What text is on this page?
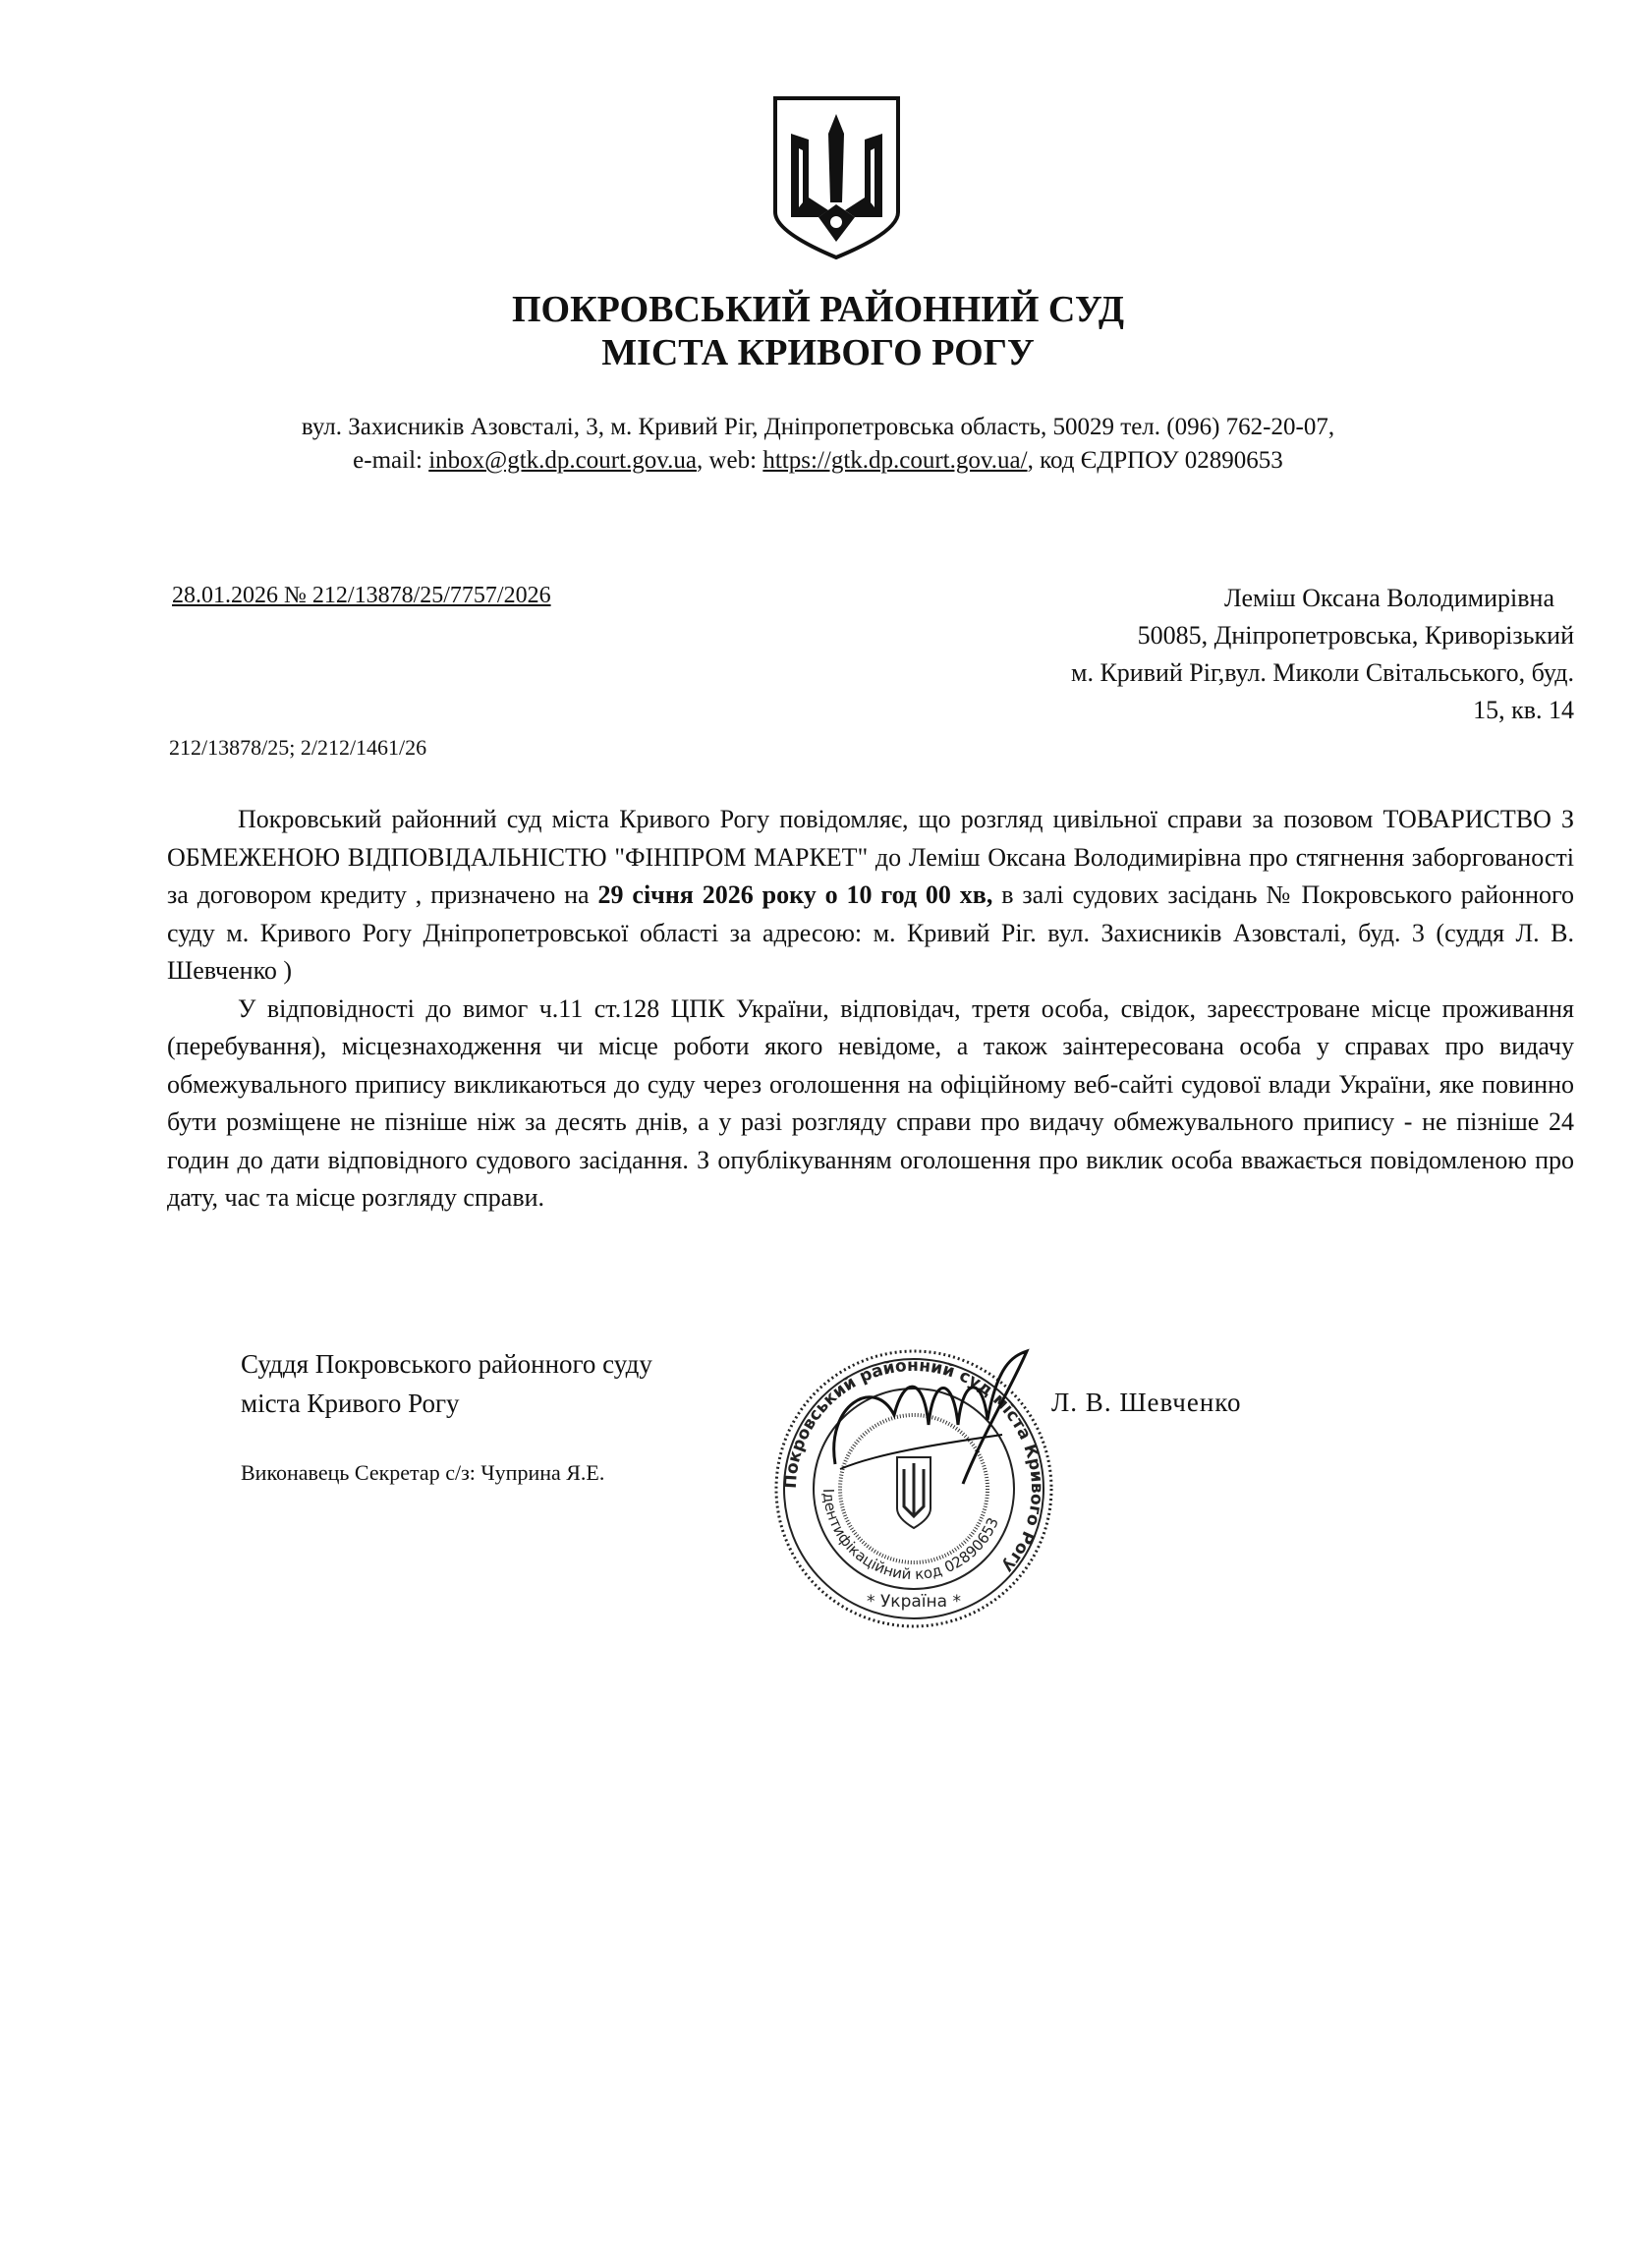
ПОКРОВСЬКИЙ РАЙОННИЙ СУД
МІСТА КРИВОГО РОГУ
вул. Захисників Азовсталі, 3, м. Кривий Ріг, Дніпропетровська область, 50029 тел. (096) 762-20-07,
e-mail: inbox@gtk.dp.court.gov.ua, web: https://gtk.dp.court.gov.ua/, код ЄДРПОУ 02890653
28.01.2026 № 212/13878/25/7757/2026
212/13878/25; 2/212/1461/26
Леміш Оксана Володимирівна
50085, Дніпропетровська, Криворізький
м. Кривий Ріг,вул. Миколи Світальського, буд.
15, кв. 14

Покровський районний суд міста Кривого Рогу повідомляє, що розгляд цивільної справи за позовом ТОВАРИСТВО З ОБМЕЖЕНОЮ ВІДПОВІДАЛЬНІСТЮ "ФІНПРОМ МАРКЕТ" до Леміш Оксана Володимирівна про стягнення заборгованості за договором кредиту , призначено на 29 січня 2026 року о 10 год 00 хв, в залі судових засідань № Покровського районного суду м. Кривого Рогу Дніпропетровської області за адресою: м. Кривий Ріг. вул. Захисників Азовсталі, буд. 3 (суддя Л. В. Шевченко )

У відповідності до вимог ч.11 ст.128 ЦПК України, відповідач, третя особа, свідок, зареєстроване місце проживання (перебування), місцезнаходження чи місце роботи якого невідоме, а також заінтересована особа у справах про видачу обмежувального припису викликаються до суду через оголошення на офіційному веб-сайті судової влади України, яке повинно бути розміщене не пізніше ніж за десять днів, а у разі розгляду справи про видачу обмежувального припису - не пізніше 24 годин до дати відповідного судового засідання. З опублікуванням оголошення про виклик особа вважається повідомленою про дату, час та місце розгляду справи.

Суддя Покровського районного суду
міста Кривого Рогу
Виконавець Секретар с/з: Чуприна Я.Е.
Л. В. Шевченко
Покровський районний суд міста Кривого Рогу
Ідентифікаційний код 02890653
* Україна *
